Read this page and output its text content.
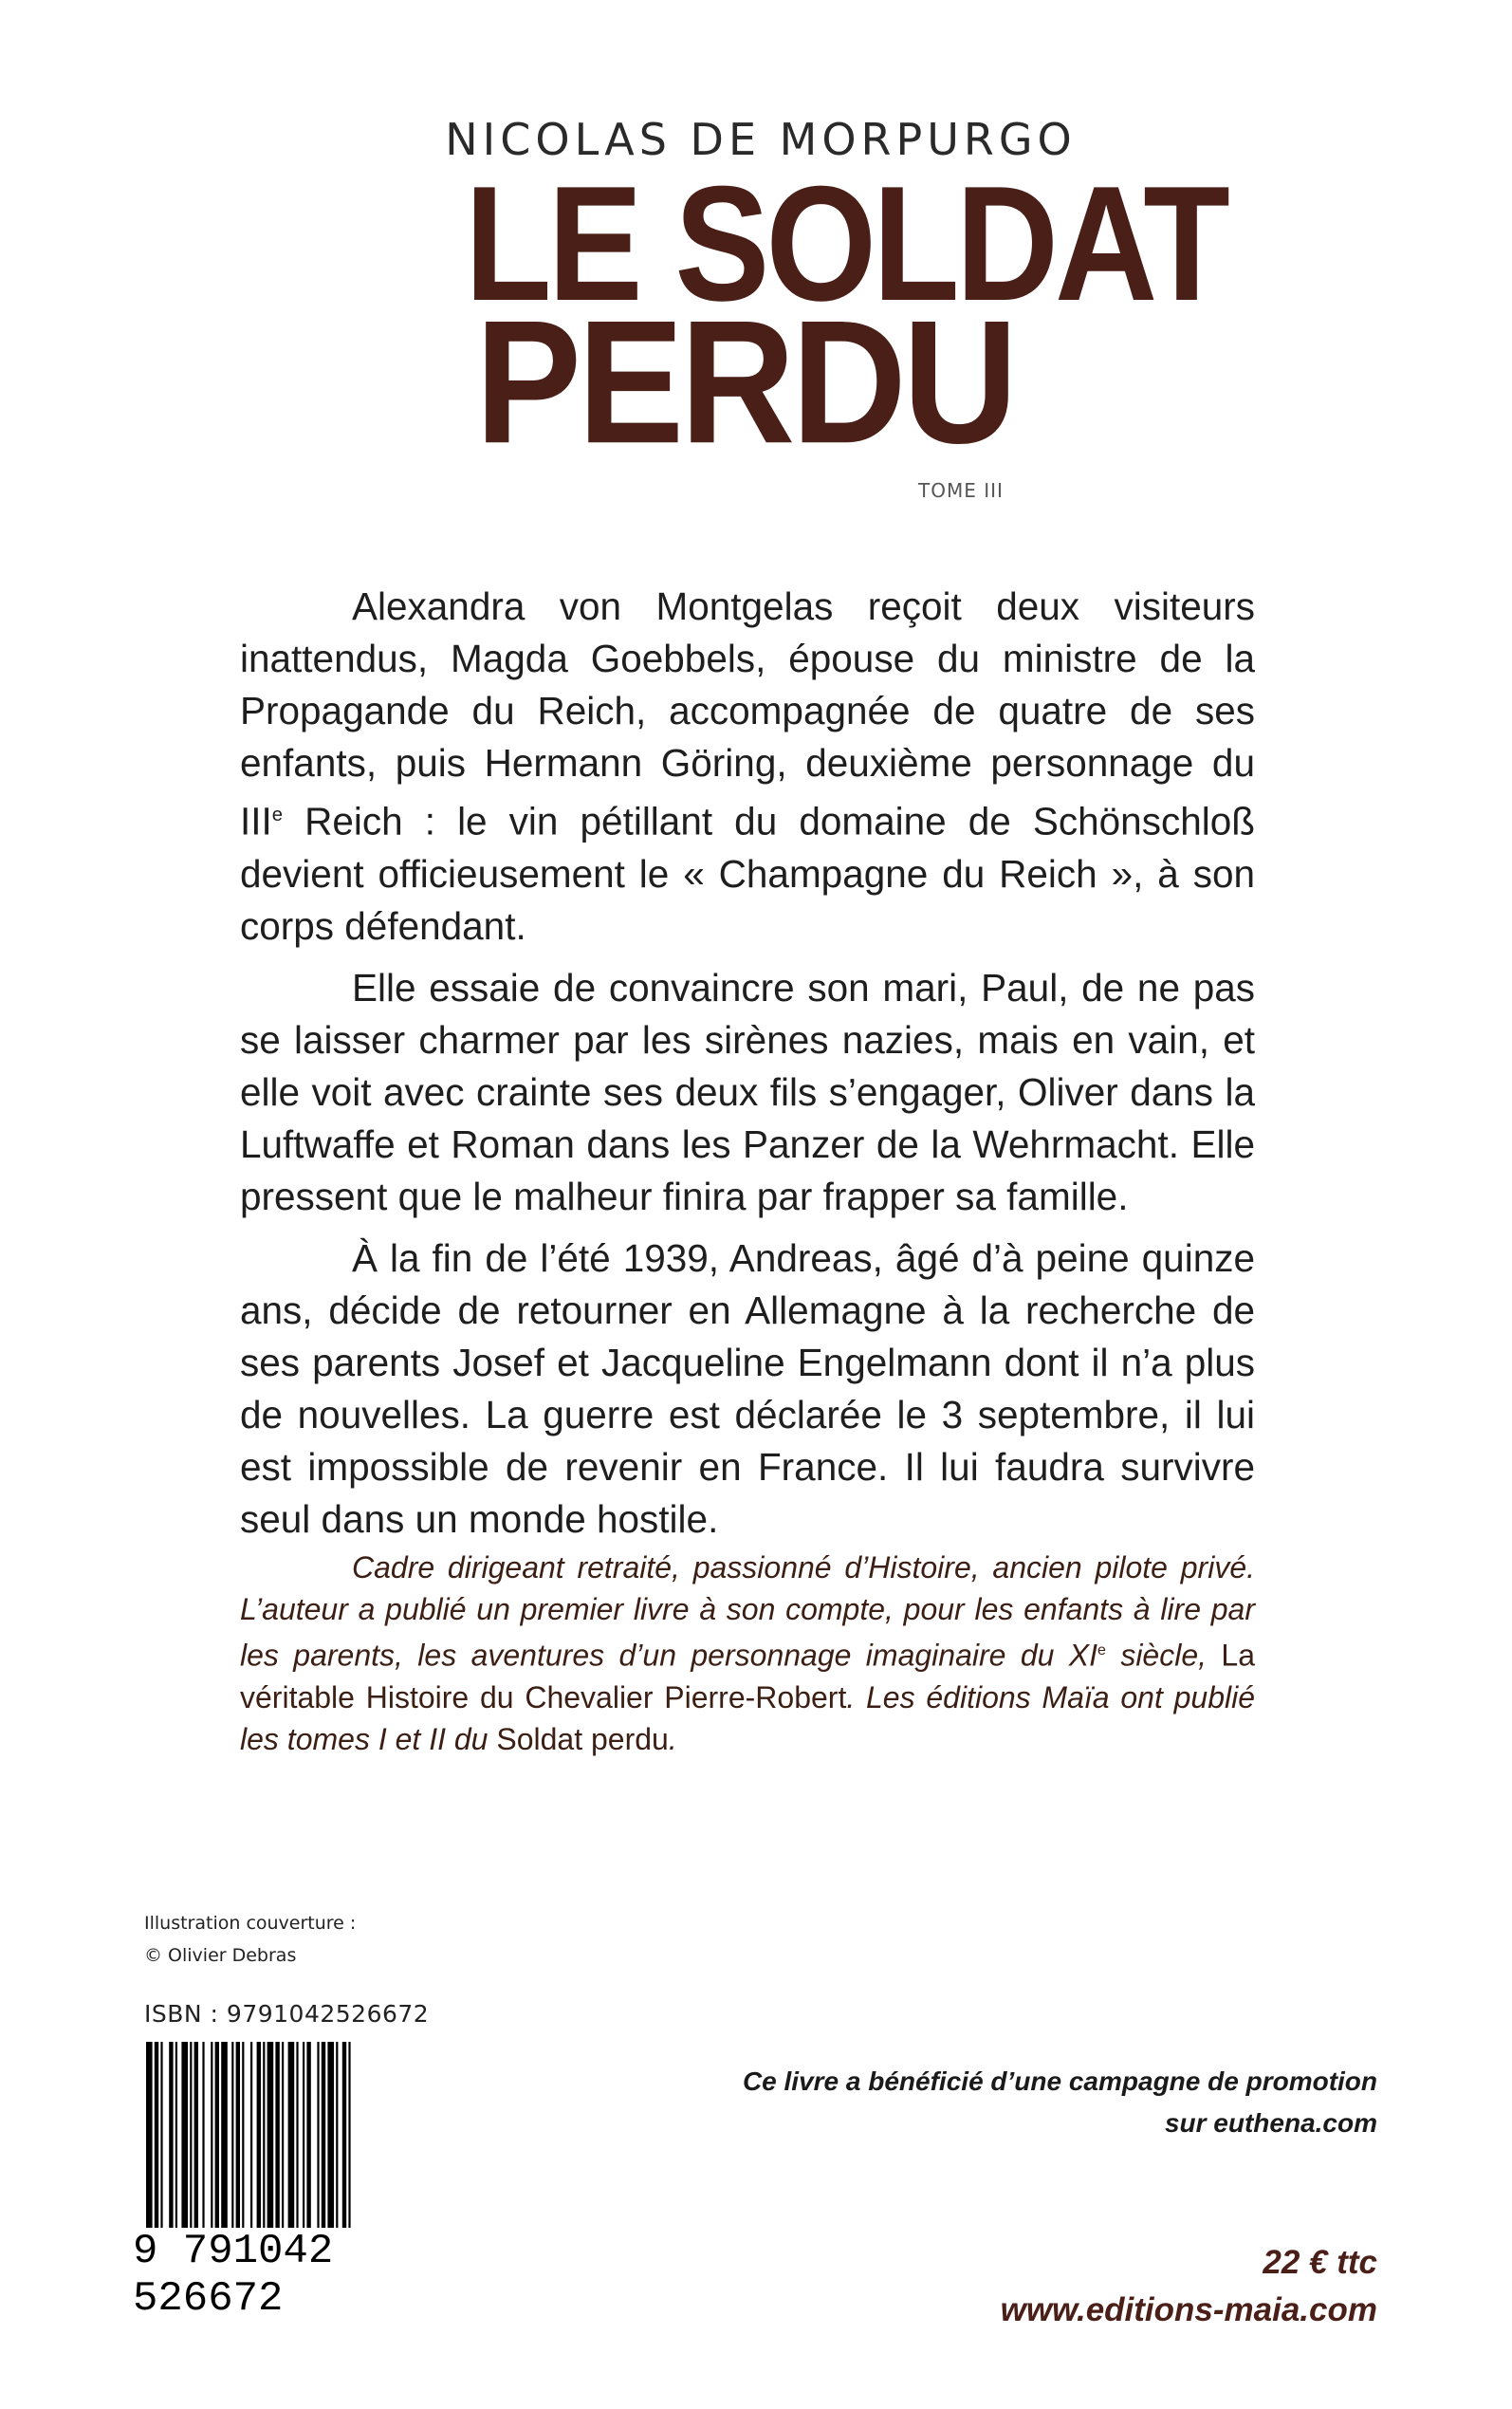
NICOLAS DE MORPURGO
LE SOLDAT
PERDU
TOME III

Alexandra von Montgelas reçoit deux visiteurs inattendus, Magda Goebbels, épouse du ministre de la Propagande du Reich, accompagnée de quatre de ses enfants, puis Hermann Göring, deuxième personnage du IIIe Reich : le vin pétillant du domaine de Schönschloß devient officieusement le « Champagne du Reich », à son corps défendant.

Elle essaie de convaincre son mari, Paul, de ne pas se laisser charmer par les sirènes nazies, mais en vain, et elle voit avec crainte ses deux fils s’engager, Oliver dans la Luftwaffe et Roman dans les Panzer de la Wehrmacht. Elle pressent que le malheur finira par frapper sa famille.

À la fin de l’été 1939, Andreas, âgé d’à peine quinze ans, décide de retourner en Allemagne à la recherche de ses parents Josef et Jacqueline Engelmann dont il n’a plus de nouvelles. La guerre est déclarée le 3 septembre, il lui est impossible de revenir en France. Il lui faudra survivre seul dans un monde hostile.

Cadre dirigeant retraité, passionné d’Histoire, ancien pilote privé. L’auteur a publié un premier livre à son compte, pour les enfants à lire par les parents, les aventures d’un personnage imaginaire du XIe siècle, La véritable Histoire du Chevalier Pierre-Robert. Les éditions Maïa ont publié les tomes I et II du Soldat perdu.
Illustration couverture :
© Olivier Debras
ISBN : 9791042526672
9 791042 526672
Ce livre a bénéficié d’une campagne de promotion
sur euthena.com
22 € ttc
www.editions-maia.com
